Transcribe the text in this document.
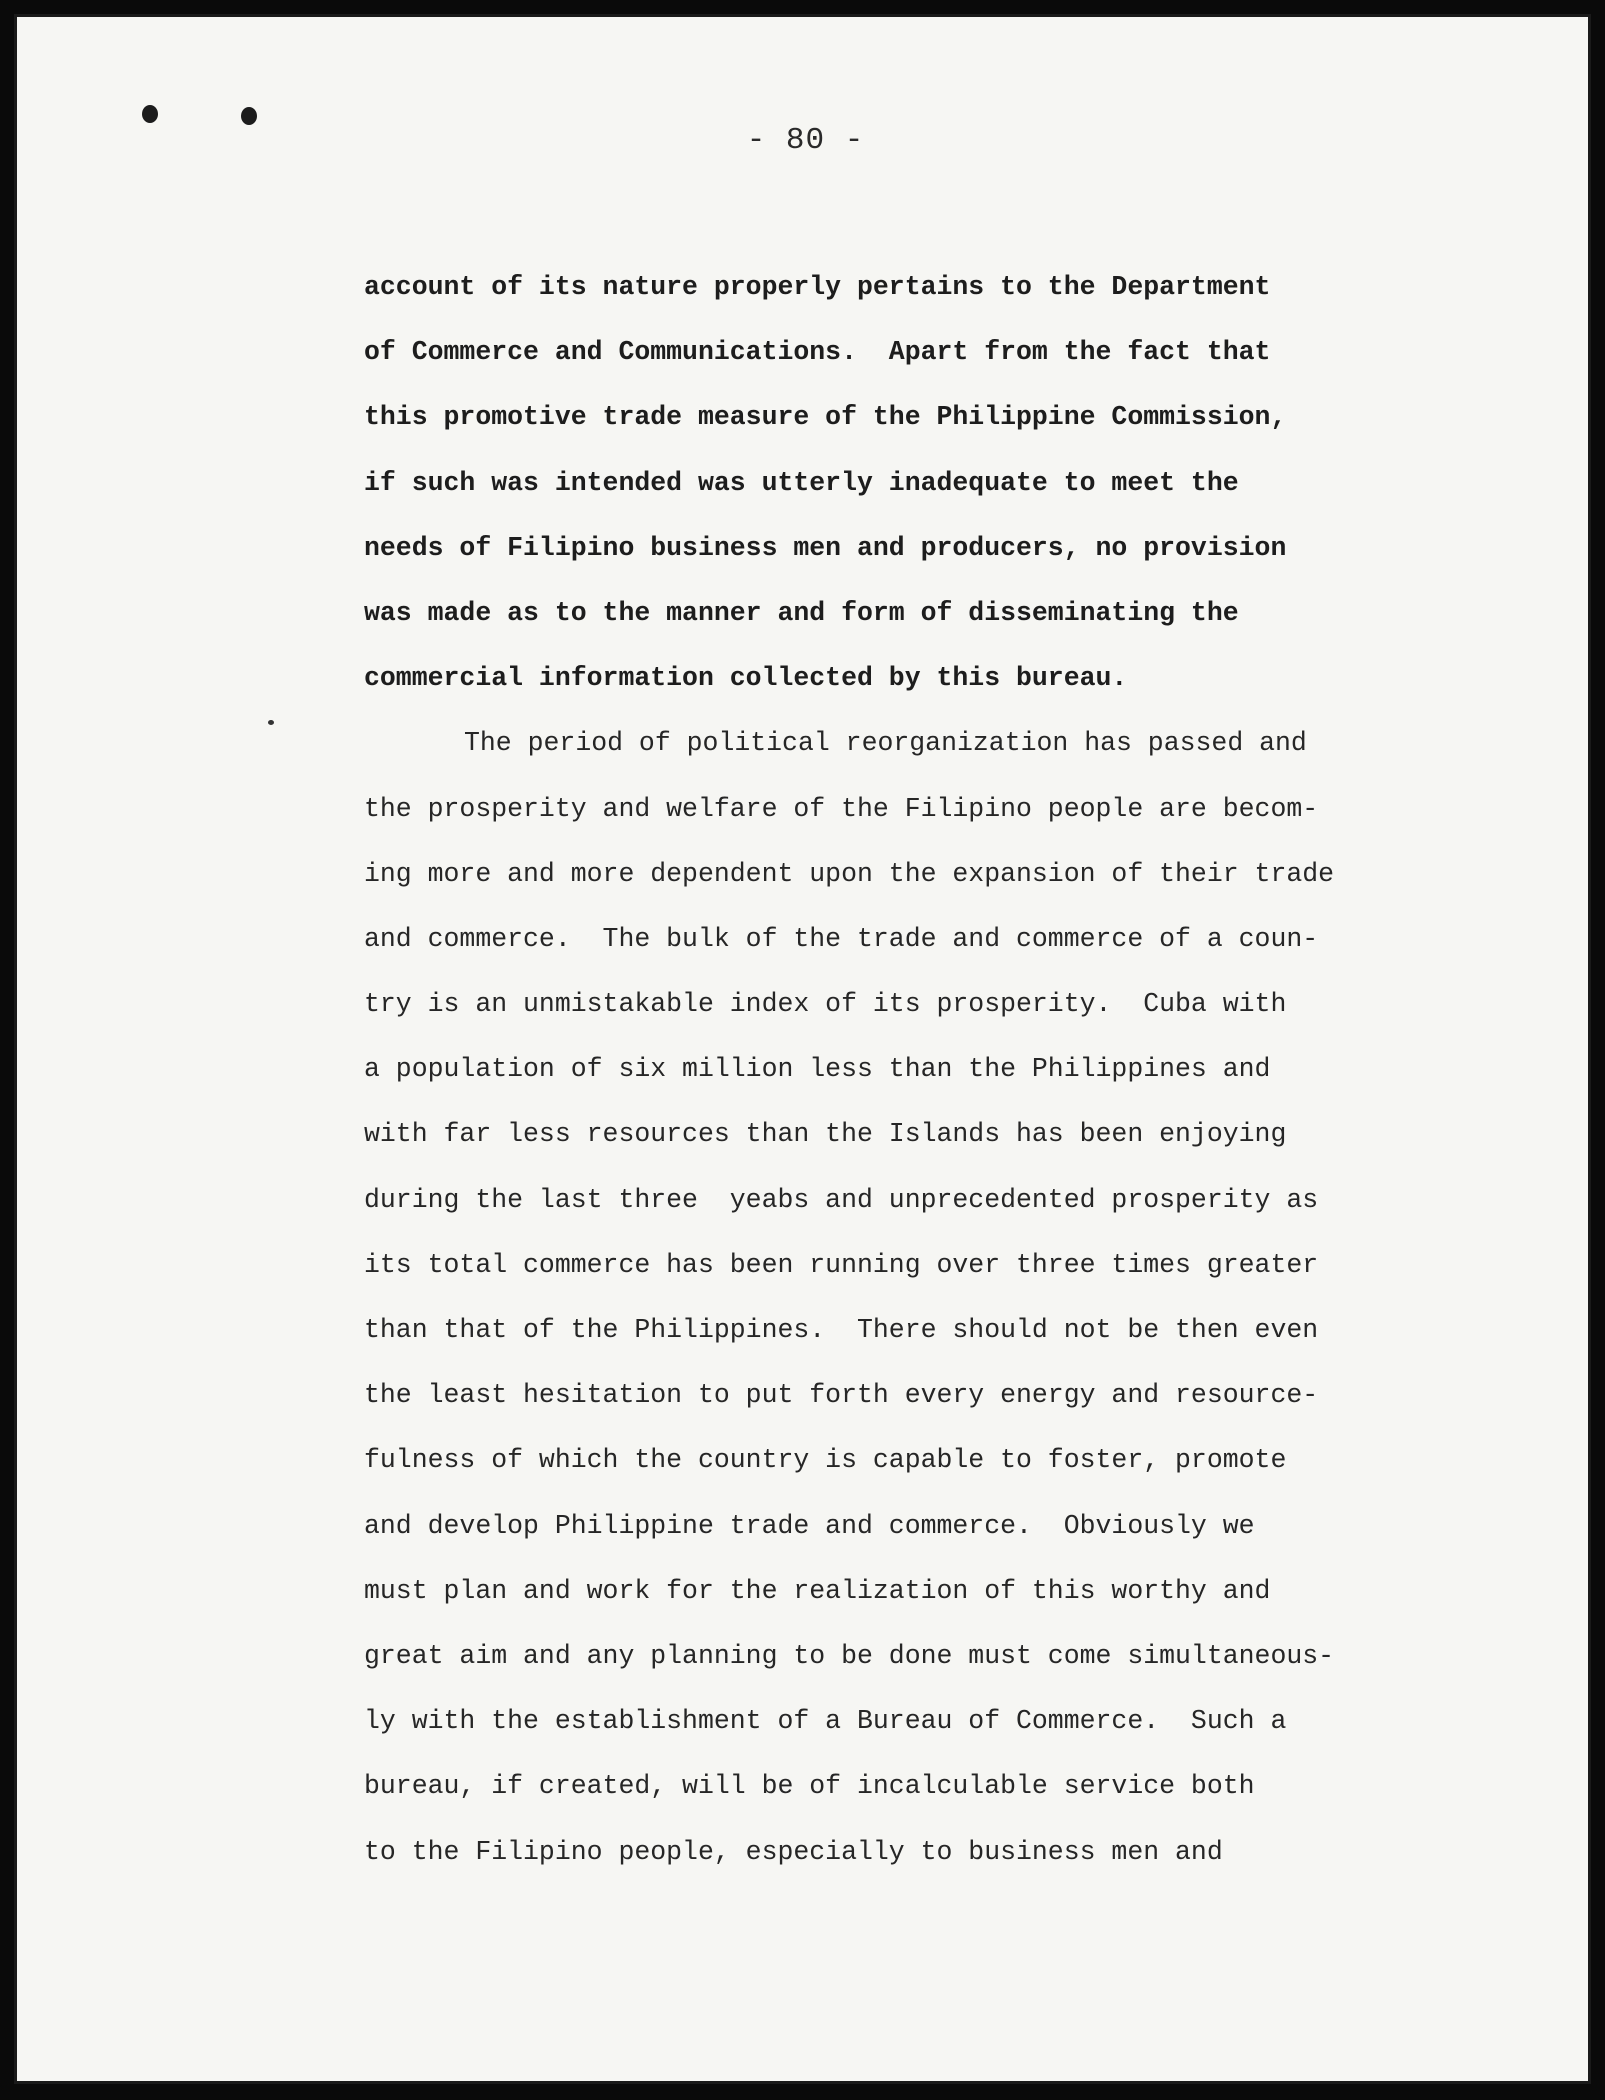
- 80 -
account of its nature properly pertains to the Department
of Commerce and Communications.  Apart from the fact that
this promotive trade measure of the Philippine Commission,
if such was intended was utterly inadequate to meet the
needs of Filipino business men and producers, no provision
was made as to the manner and form of disseminating the
commercial information collected by this bureau.
The period of political reorganization has passed and
the prosperity and welfare of the Filipino people are becom-
ing more and more dependent upon the expansion of their trade
and commerce.  The bulk of the trade and commerce of a coun-
try is an unmistakable index of its prosperity.  Cuba with
a population of six million less than the Philippines and
with far less resources than the Islands has been enjoying
during the last three  yeabs and unprecedented prosperity as
its total commerce has been running over three times greater
than that of the Philippines.  There should not be then even
the least hesitation to put forth every energy and resource-
fulness of which the country is capable to foster, promote
and develop Philippine trade and commerce.  Obviously we
must plan and work for the realization of this worthy and
great aim and any planning to be done must come simultaneous-
ly with the establishment of a Bureau of Commerce.  Such a
bureau, if created, will be of incalculable service both
to the Filipino people, especially to business men and
